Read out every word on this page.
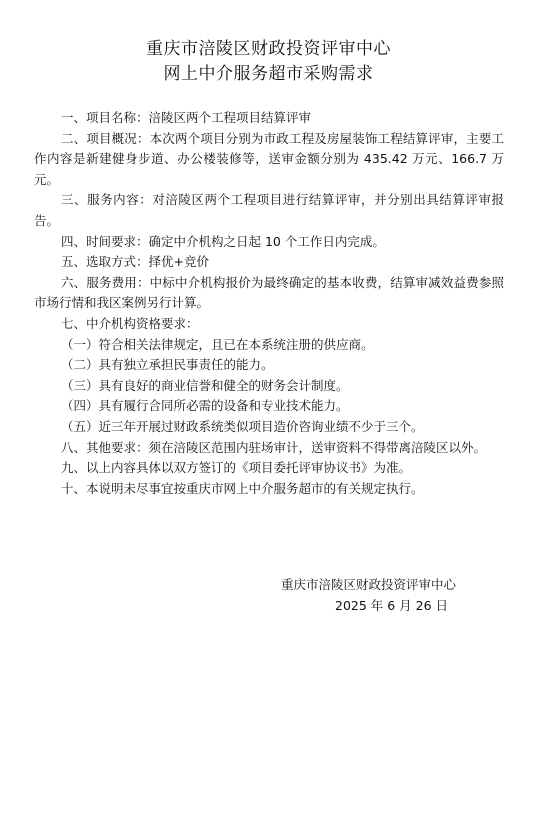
重庆市涪陵区财政投资评审中心
网上中介服务超市采购需求

一、项目名称：涪陵区两个工程项目结算评审

二、项目概况：本次两个项目分别为市政工程及房屋装饰工程结算评审，主要工作内容是新建健身步道、办公楼装修等，送审金额分别为 435.42 万元、166.7 万元。

三、服务内容：对涪陵区两个工程项目进行结算评审，并分别出具结算评审报告。

四、时间要求：确定中介机构之日起 10 个工作日内完成。

五、选取方式：择优+竞价

六、服务费用：中标中介机构报价为最终确定的基本收费，结算审减效益费参照市场行情和我区案例另行计算。

七、中介机构资格要求：

（一）符合相关法律规定，且已在本系统注册的供应商。

（二）具有独立承担民事责任的能力。

（三）具有良好的商业信誉和健全的财务会计制度。

（四）具有履行合同所必需的设备和专业技术能力。

（五）近三年开展过财政系统类似项目造价咨询业绩不少于三个。

八、其他要求：须在涪陵区范围内驻场审计，送审资料不得带离涪陵区以外。

九、以上内容具体以双方签订的《项目委托评审协议书》为准。

十、本说明未尽事宜按重庆市网上中介服务超市的有关规定执行。

重庆市涪陵区财政投资评审中心
2025 年 6 月 26 日
